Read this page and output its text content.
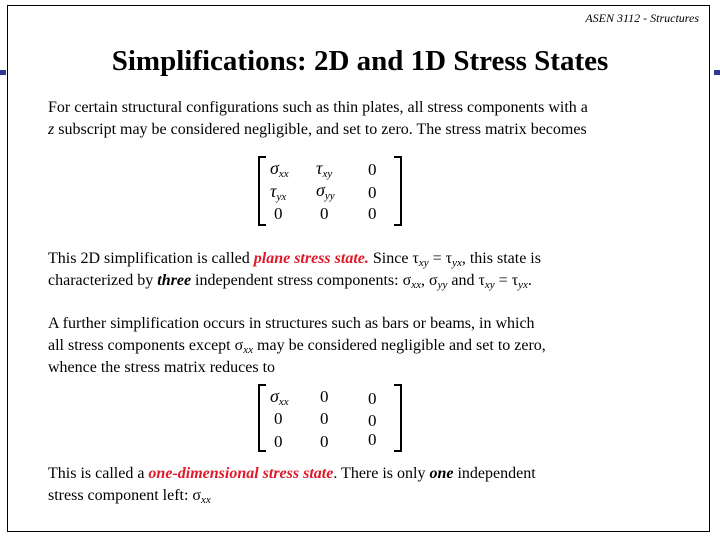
ASEN 3112 - Structures
Simplifications: 2D and 1D Stress States
For certain structural configurations such as thin plates, all stress components with a
z subscript may be considered negligible, and set to zero. The stress matrix becomes
$\sigma_{xx}$ $\tau_{xy}$ 0
$\tau_{yx}$ $\sigma_{yy}$ 0
0 0 0
This 2D simplification is called plane stress state. Since $\tau_{xy} = \tau_{yx}$, this state is
characterized by three independent stress components: $\sigma_{xx}$, $\sigma_{yy}$ and $\tau_{xy} = \tau_{yx}$.
A further simplification occurs in structures such as bars or beams, in which
all stress components except $\sigma_{xx}$ may be considered negligible and set to zero,
whence the stress matrix reduces to
$\sigma_{xx}$ 0 0
0 0 0
0 0 0
This is called a one-dimensional stress state. There is only one independent
stress component left: $\sigma_{xx}$
